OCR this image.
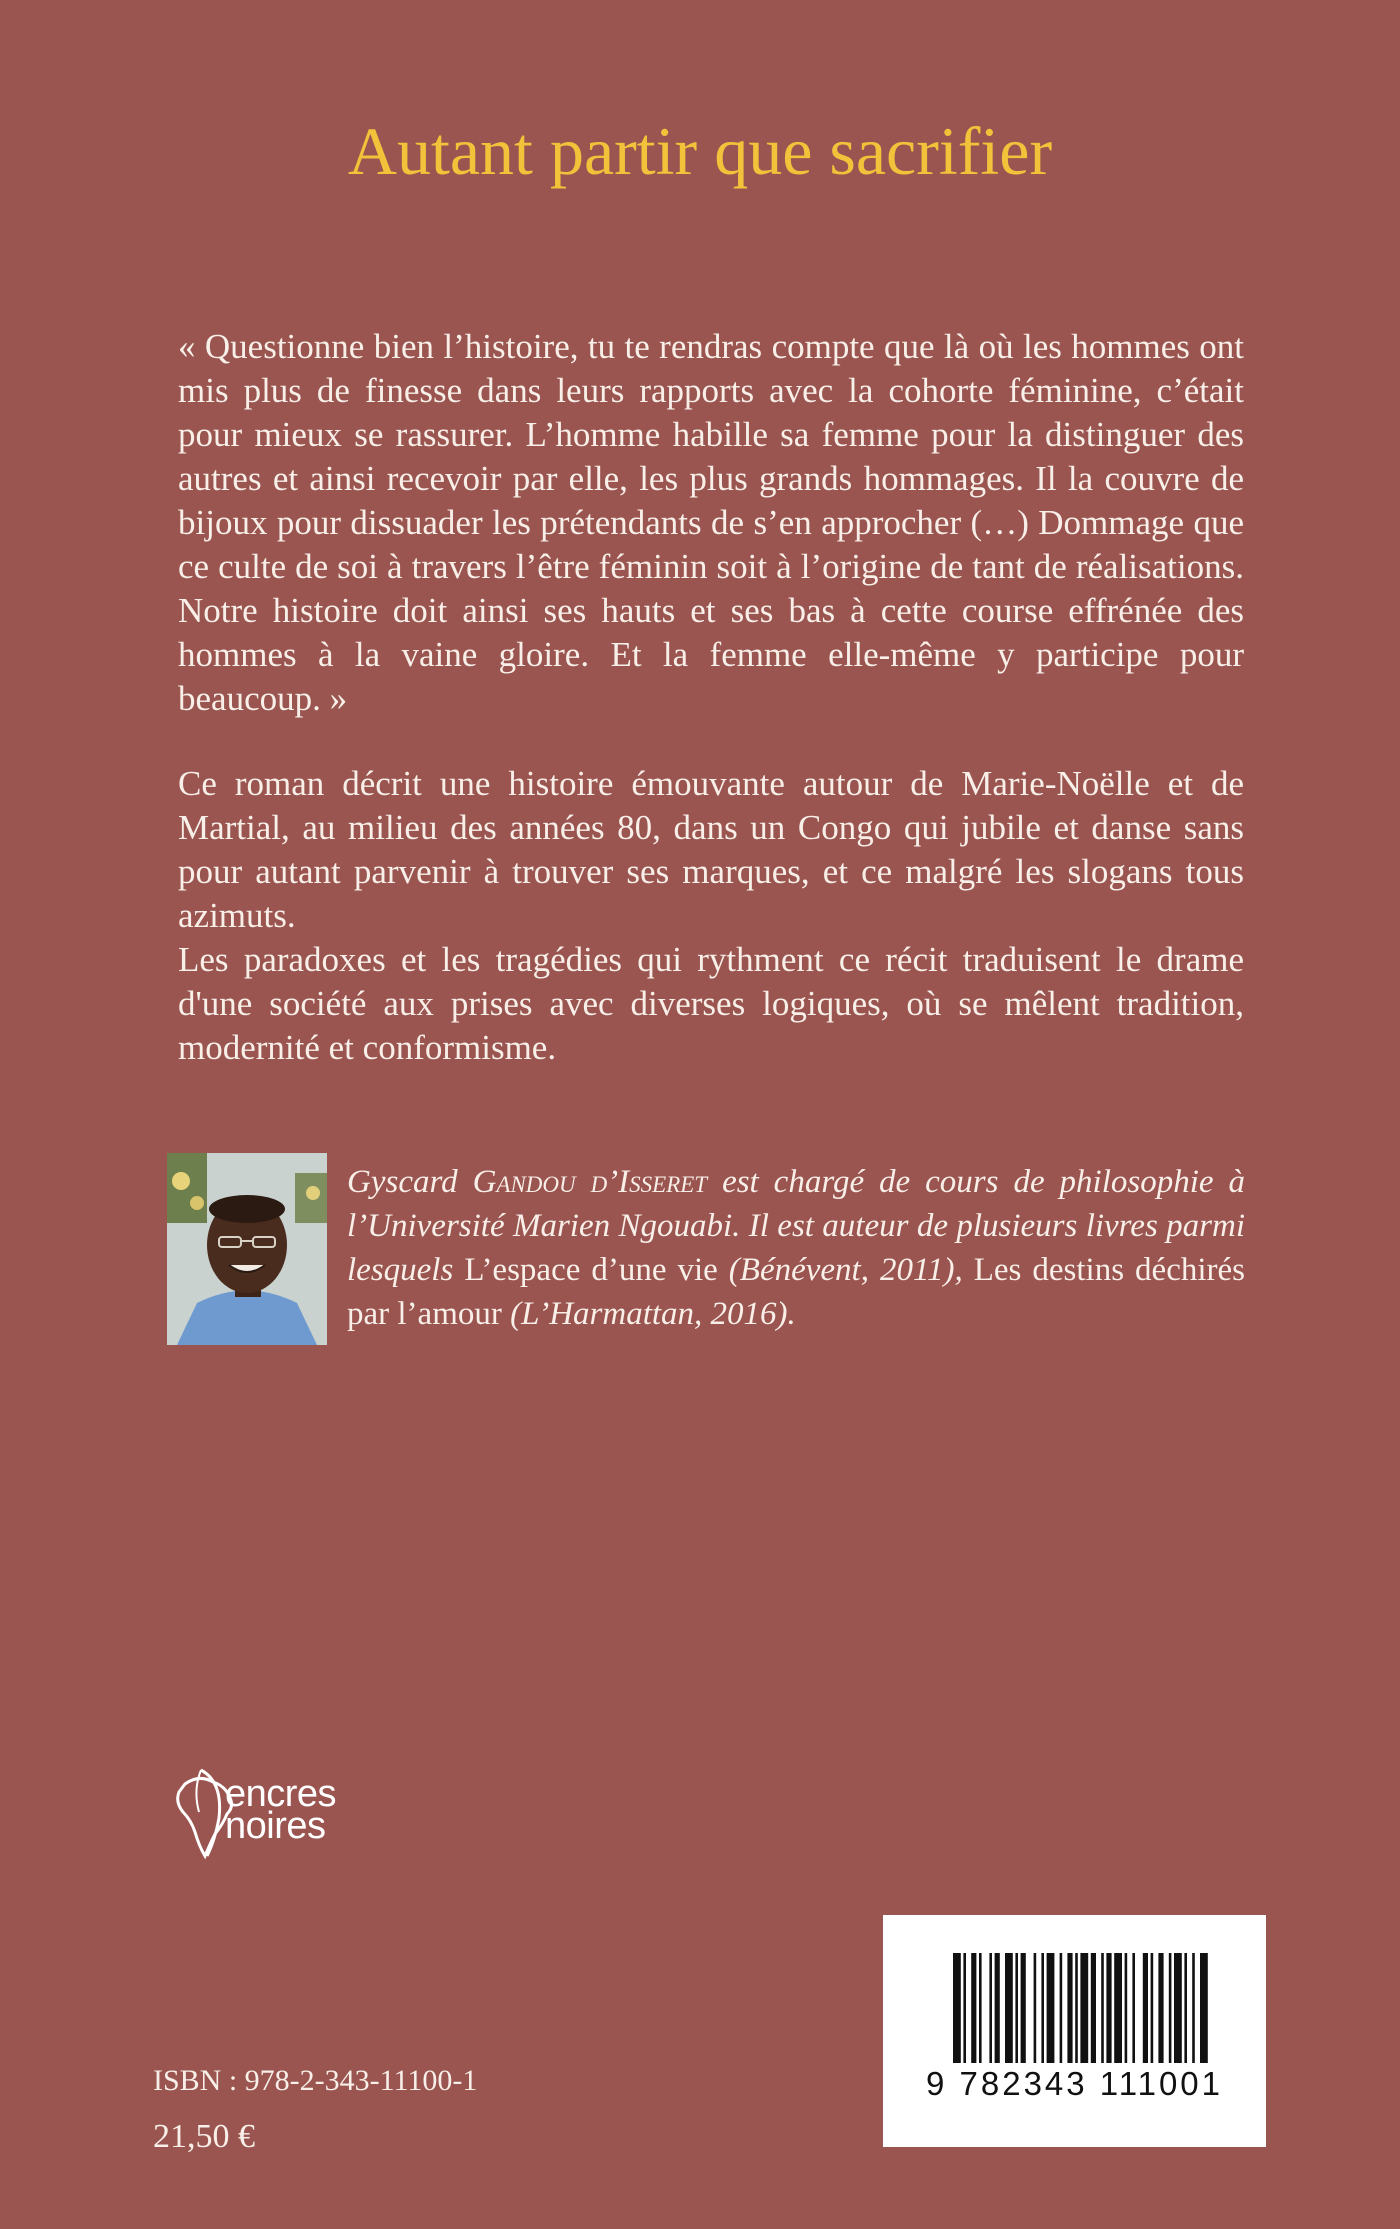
Autant partir que sacrifier

« Questionne bien l’histoire, tu te rendras compte que là où les hommes ont mis plus de finesse dans leurs rapports avec la cohorte féminine, c’était pour mieux se rassurer. L’homme habille sa femme pour la distinguer des autres et ainsi recevoir par elle, les plus grands hommages. Il la couvre de bijoux pour dissuader les prétendants de s’en approcher (…) Dommage que ce culte de soi à travers l’être féminin soit à l’origine de tant de réalisations. Notre histoire doit ainsi ses hauts et ses bas à cette course effrénée des hommes à la vaine gloire. Et la femme elle-même y participe pour beaucoup. »

Ce roman décrit une histoire émouvante autour de Marie-Noëlle et de Martial, au milieu des années 80, dans un Congo qui jubile et danse sans pour autant parvenir à trouver ses marques, et ce malgré les slogans tous azimuts.

Les paradoxes et les tragédies qui rythment ce récit traduisent le drame d'une société aux prises avec diverses logiques, où se mêlent tradition, modernité et conformisme.

Gyscard Gandou d’Isseret est chargé de cours de philosophie à l’Université Marien Ngouabi. Il est auteur de plusieurs livres parmi lesquels L’espace d’une vie (Bénévent, 2011), Les destins déchirés par l’amour (L’Harmattan, 2016).

encres
noires

ISBN : 978-2-343-11100-1

21,50 €

9 782343 111001
